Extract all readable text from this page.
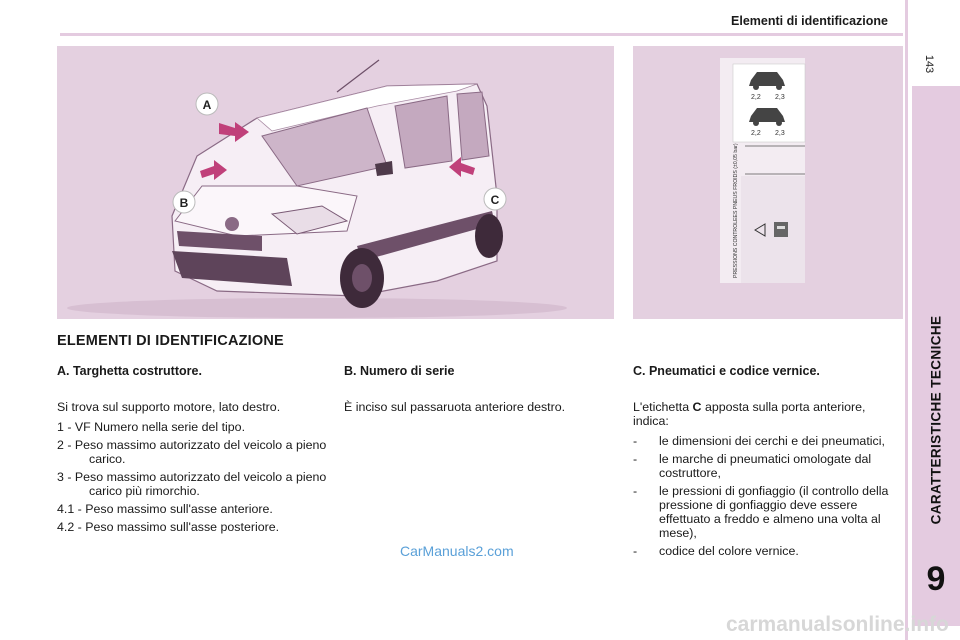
Elementi di identificazione
143
CARATTERISTICHE TECNICHE
9
A
B	C
2,2 2,3
2,2 2,3
PRESSIONS CONTROLEES PNEUS FROIDS (±0,05 bar)
ELEMENTI DI IDENTIFICAZIONE
A. Targhetta costruttore.

Si trova sul supporto motore, lato destro.

1 - VF Numero nella serie del tipo.
2 - Peso massimo autorizzato del veicolo a pieno carico.
3 - Peso massimo autorizzato del veicolo a pieno carico più rimorchio.
4.1 - Peso massimo sull'asse anteriore.
4.2 - Peso massimo sull'asse posteriore.
B. Numero di serie

È inciso sul passaruota anteriore destro.

C. Pneumatici e codice vernice.

L'etichetta C apposta sulla porta anteriore, indica:

- le dimensioni dei cerchi e dei pneumatici,
- le marche di pneumatici omologate dal costruttore,
- le pressioni di gonfiaggio (il controllo della pressione di gonfiaggio deve essere effettuato a freddo e almeno una volta al mese),
- codice del colore vernice.
CarManuals2.com
carmanualsonline.info
